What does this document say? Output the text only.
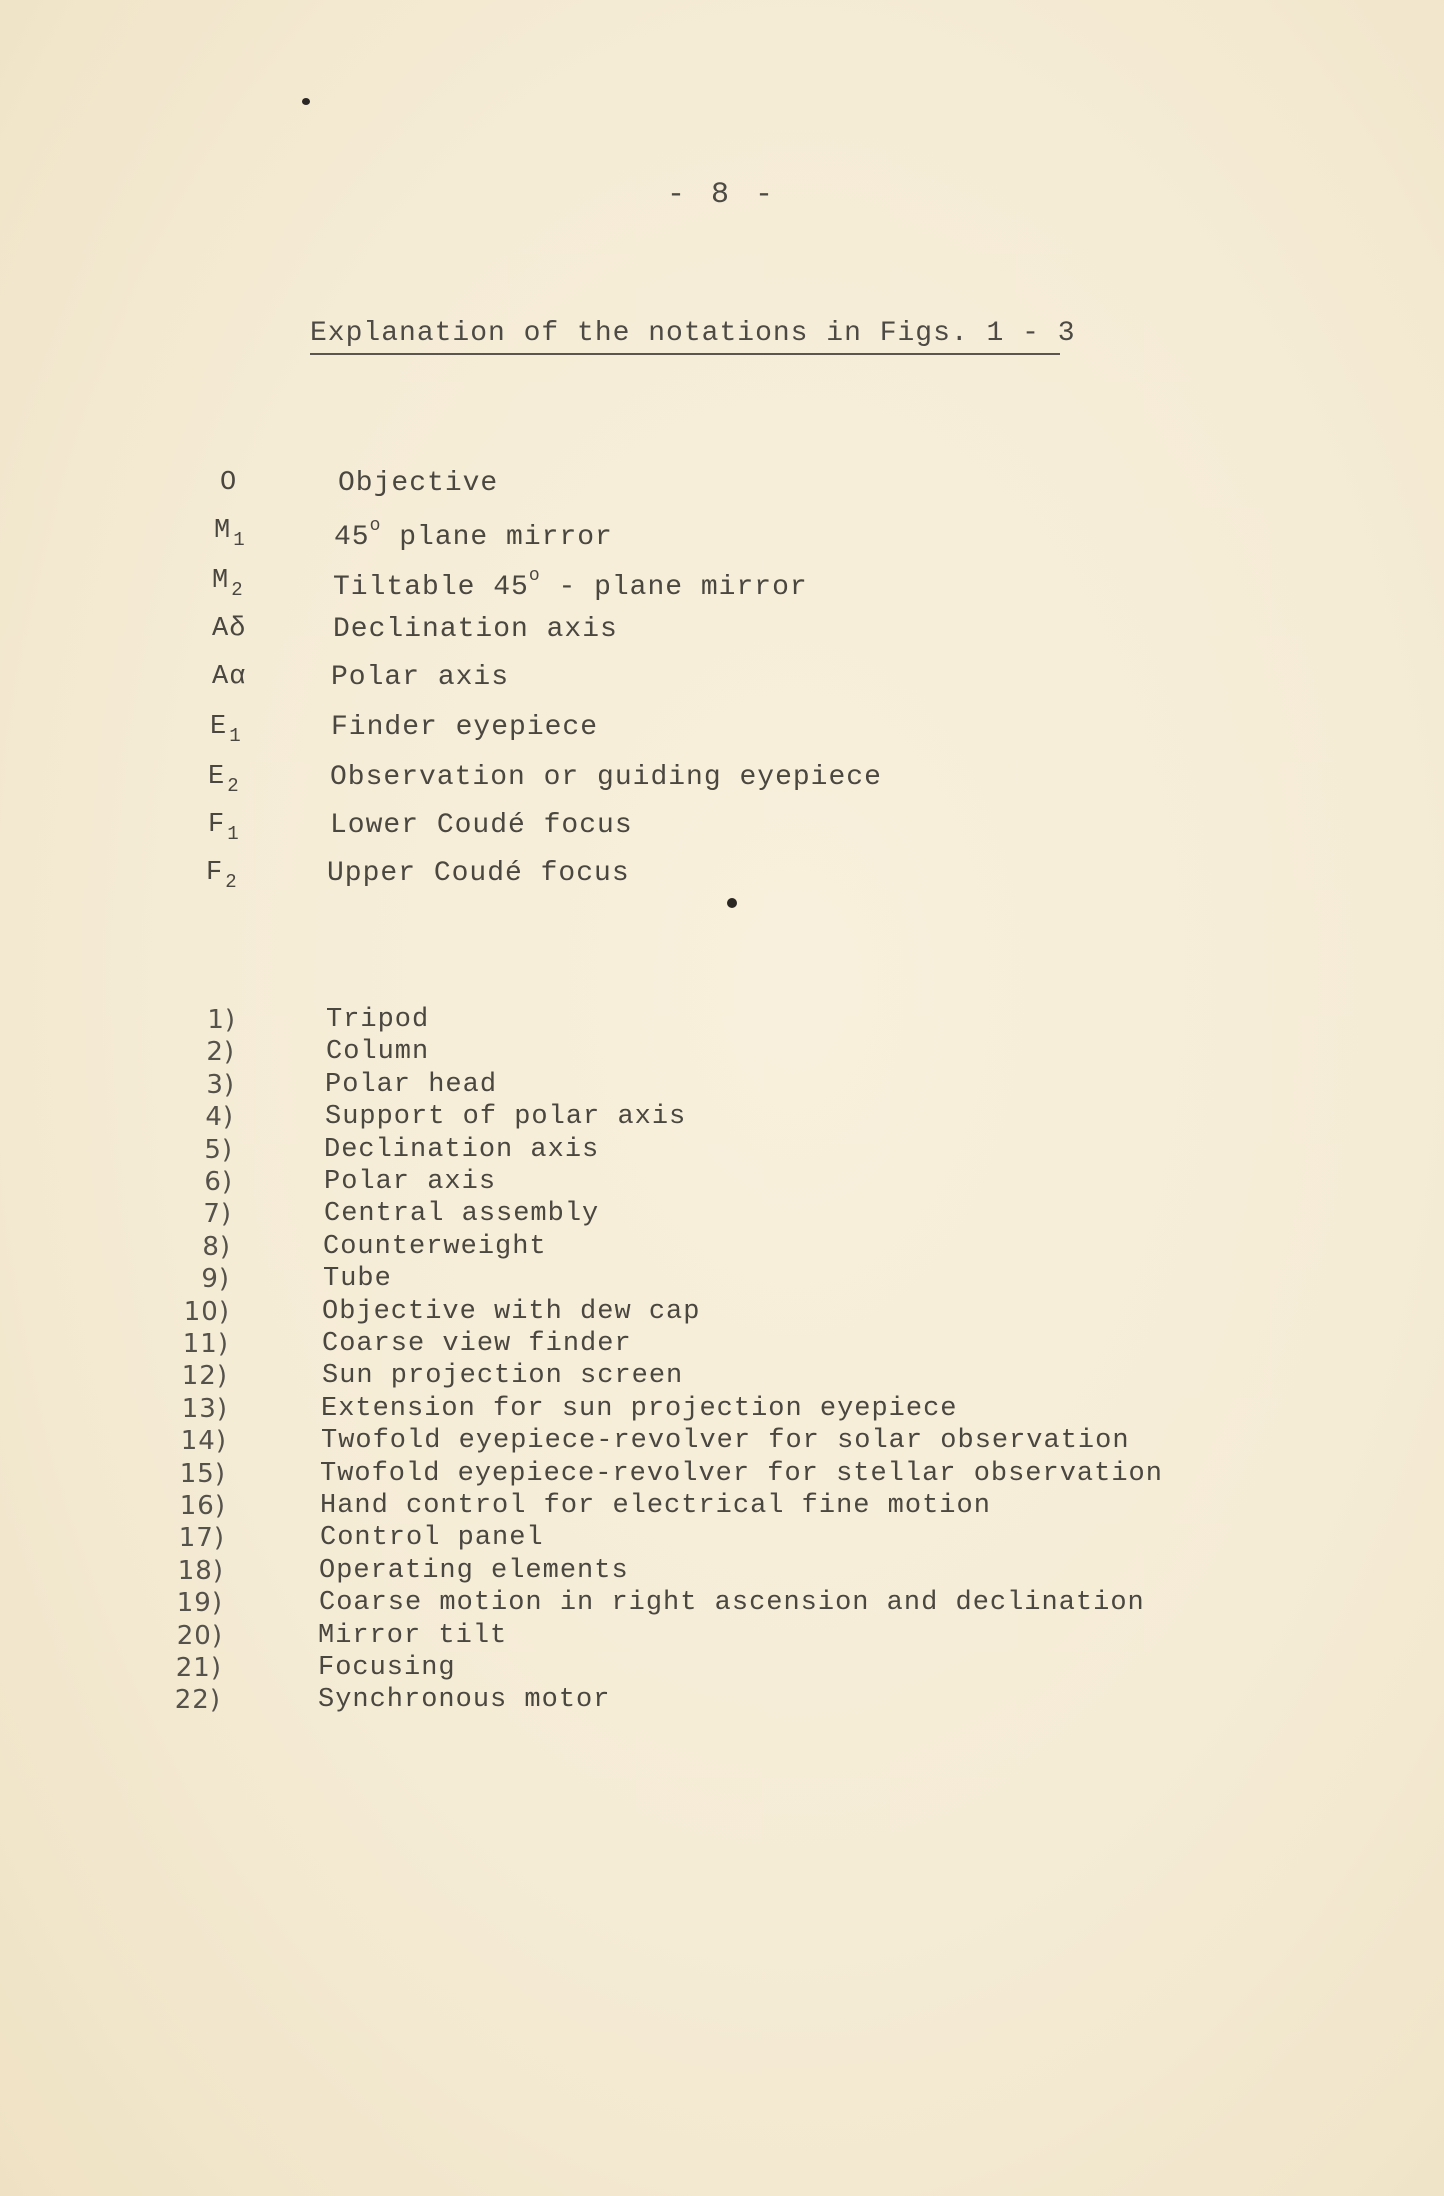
- 8 -
Explanation of the notations in Figs. 1 - 3
O	Objective
M $_1$	45$^o$ plane mirror
M $_2$	Tiltable 45$^o$ - plane mirror
Aδ	Declination axis
Aα	Polar axis
E $_1$	Finder eyepiece
E $_2$	Observation or guiding eyepiece
F $_1$	Lower Coudé focus
F $_2$	Upper Coudé focus
1)	Tripod
2)	Column
3)	Polar head
4)	Support of polar axis
5)	Declination axis
6)	Polar axis
7)	Central assembly
8)	Counterweight
9)	Tube
10)	Objective with dew cap
11)	Coarse view finder
12)	Sun projection screen
13)	Extension for sun projection eyepiece
14)	Twofold eyepiece-revolver for solar observation
15)	Twofold eyepiece-revolver for stellar observation
16)	Hand control for electrical fine motion
17)	Control panel
18)	Operating elements
19)	Coarse motion in right ascension and declination
20)	Mirror tilt
21)	Focusing
22)	Synchronous motor
